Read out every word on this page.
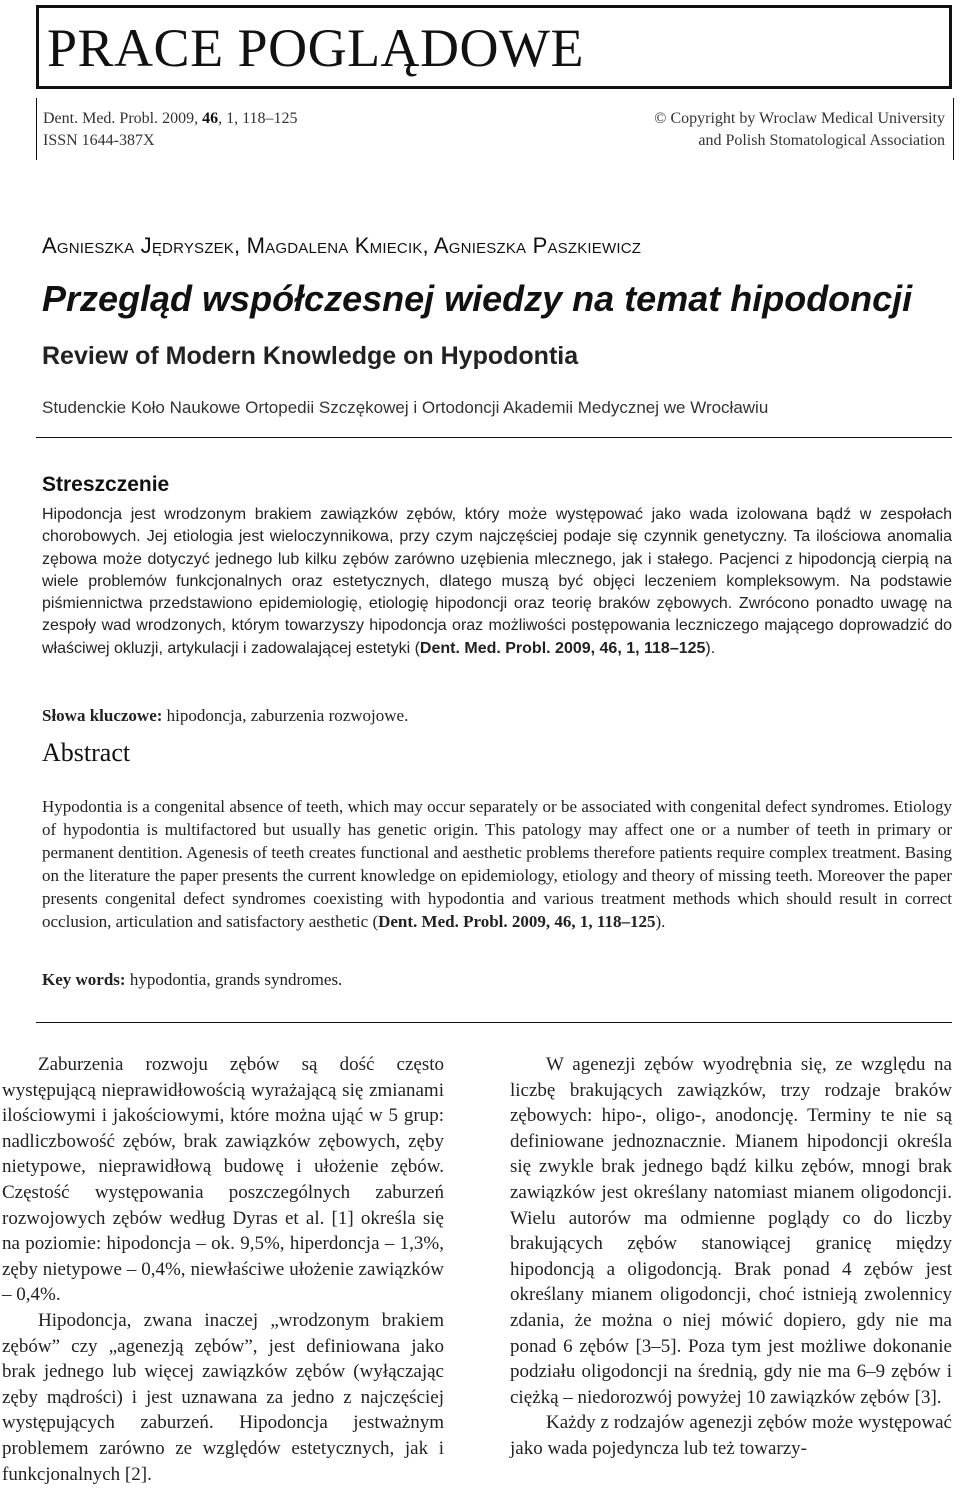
PRACE POGLĄDOWE
Dent. Med. Probl. 2009, 46, 1, 118–125
ISSN 1644-387X
© Copyright by Wroclaw Medical University
and Polish Stomatological Association
Agnieszka Jędryszek, Magdalena Kmiecik, Agnieszka Paszkiewicz
Przegląd współczesnej wiedzy na temat hipodoncji
Review of Modern Knowledge on Hypodontia
Studenckie Koło Naukowe Ortopedii Szczękowej i Ortodoncji Akademii Medycznej we Wrocławiu
Streszczenie
Hipodoncja jest wrodzonym brakiem zawiązków zębów, który może występować jako wada izolowana bądź w zespołach chorobowych. Jej etiologia jest wieloczynnikowa, przy czym najczęściej podaje się czynnik genetyczny. Ta ilościowa anomalia zębowa może dotyczyć jednego lub kilku zębów zarówno uzębienia mlecznego, jak i stałego. Pacjenci z hipodoncją cierpią na wiele problemów funkcjonalnych oraz estetycznych, dlatego muszą być objęci leczeniem kompleksowym. Na podstawie piśmiennictwa przedstawiono epidemiologię, etiologię hipodoncji oraz teorię braków zębowych. Zwrócono ponadto uwagę na zespoły wad wrodzonych, którym towarzyszy hipodoncja oraz możliwości postępowania leczniczego mającego doprowadzić do właściwej okluzji, artykulacji i zadowalającej estetyki (Dent. Med. Probl. 2009, 46, 1, 118–125).
Słowa kluczowe: hipodoncja, zaburzenia rozwojowe.
Abstract
Hypodontia is a congenital absence of teeth, which may occur separately or be associated with congenital defect syndromes. Etiology of hypodontia is multifactored but usually has genetic origin. This patology may affect one or a number of teeth in primary or permanent dentition. Agenesis of teeth creates functional and aesthetic problems therefore patients require complex treatment. Basing on the literature the paper presents the current knowledge on epidemiology, etiology and theory of missing teeth. Moreover the paper presents congenital defect syndromes coexisting with hypodontia and various treatment methods which should result in correct occlusion, articulation and satisfactory aesthetic (Dent. Med. Probl. 2009, 46, 1, 118–125).
Key words: hypodontia, grands syndromes.

Zaburzenia rozwoju zębów są dość często występującą nieprawidłowością wyrażającą się zmianami ilościowymi i jakościowymi, które można ująć w 5 grup: nadliczbowość zębów, brak zawiązków zębowych, zęby nietypowe, nieprawidłową budowę i ułożenie zębów. Częstość występowania poszczególnych zaburzeń rozwojowych zębów według Dyras et al. [1] określa się na poziomie: hipodoncja – ok. 9,5%, hiperdoncja – 1,3%, zęby nietypowe – 0,4%, niewłaściwe ułożenie zawiązków – 0,4%.

Hipodoncja, zwana inaczej „wrodzonym brakiem zębów” czy „agenezją zębów”, jest definiowana jako brak jednego lub więcej zawiązków zębów (wyłączając zęby mądrości) i jest uznawana za jedno z najczęściej występujących zaburzeń. Hipodoncja jestważnym problemem zarówno ze względów estetycznych, jak i funkcjonalnych [2].

W agenezji zębów wyodrębnia się, ze względu na liczbę brakujących zawiązków, trzy rodzaje braków zębowych: hipo-, oligo-, anodoncję. Terminy te nie są definiowane jednoznacznie. Mianem hipodoncji określa się zwykle brak jednego bądź kilku zębów, mnogi brak zawiązków jest określany natomiast mianem oligodoncji. Wielu autorów ma odmienne poglądy co do liczby brakujących zębów stanowiącej granicę między hipodoncją a oligodoncją. Brak ponad 4 zębów jest określany mianem oligodoncji, choć istnieją zwolennicy zdania, że można o niej mówić dopiero, gdy nie ma ponad 6 zębów [3–5]. Poza tym jest możliwe dokonanie podziału oligodoncji na średnią, gdy nie ma 6–9 zębów i ciężką – niedorozwój powyżej 10 zawiązków zębów [3].

Każdy z rodzajów agenezji zębów może występować jako wada pojedyncza lub też towarzy-
